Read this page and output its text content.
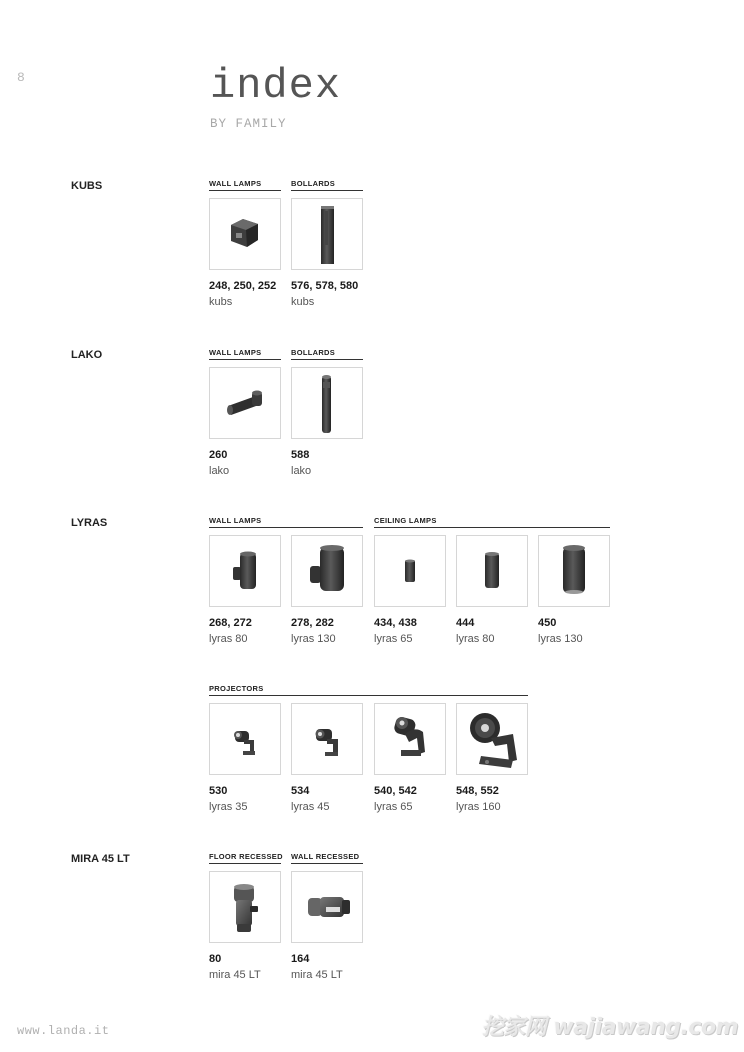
8	index
BY FAMILY
KUBS	WALL LAMPS
248, 250, 252
kubs
BOLLARDS
576, 578, 580
kubs
LAKO	WALL LAMPS
260
lako
BOLLARDS
588
lako
LYRAS	WALL LAMPS
268, 272
lyras 80
278, 282
lyras 130
CEILING LAMPS
434, 438
lyras 65
444
lyras 80
450
lyras 130
PROJECTORS
530
lyras 35
534
lyras 45
540, 542
lyras 65
548, 552
lyras 160
MIRA 45 LT	FLOOR RECESSED
80
mira 45 LT
WALL RECESSED
164
mira 45 LT
www.landa.it	挖家网 wajiawang.com
